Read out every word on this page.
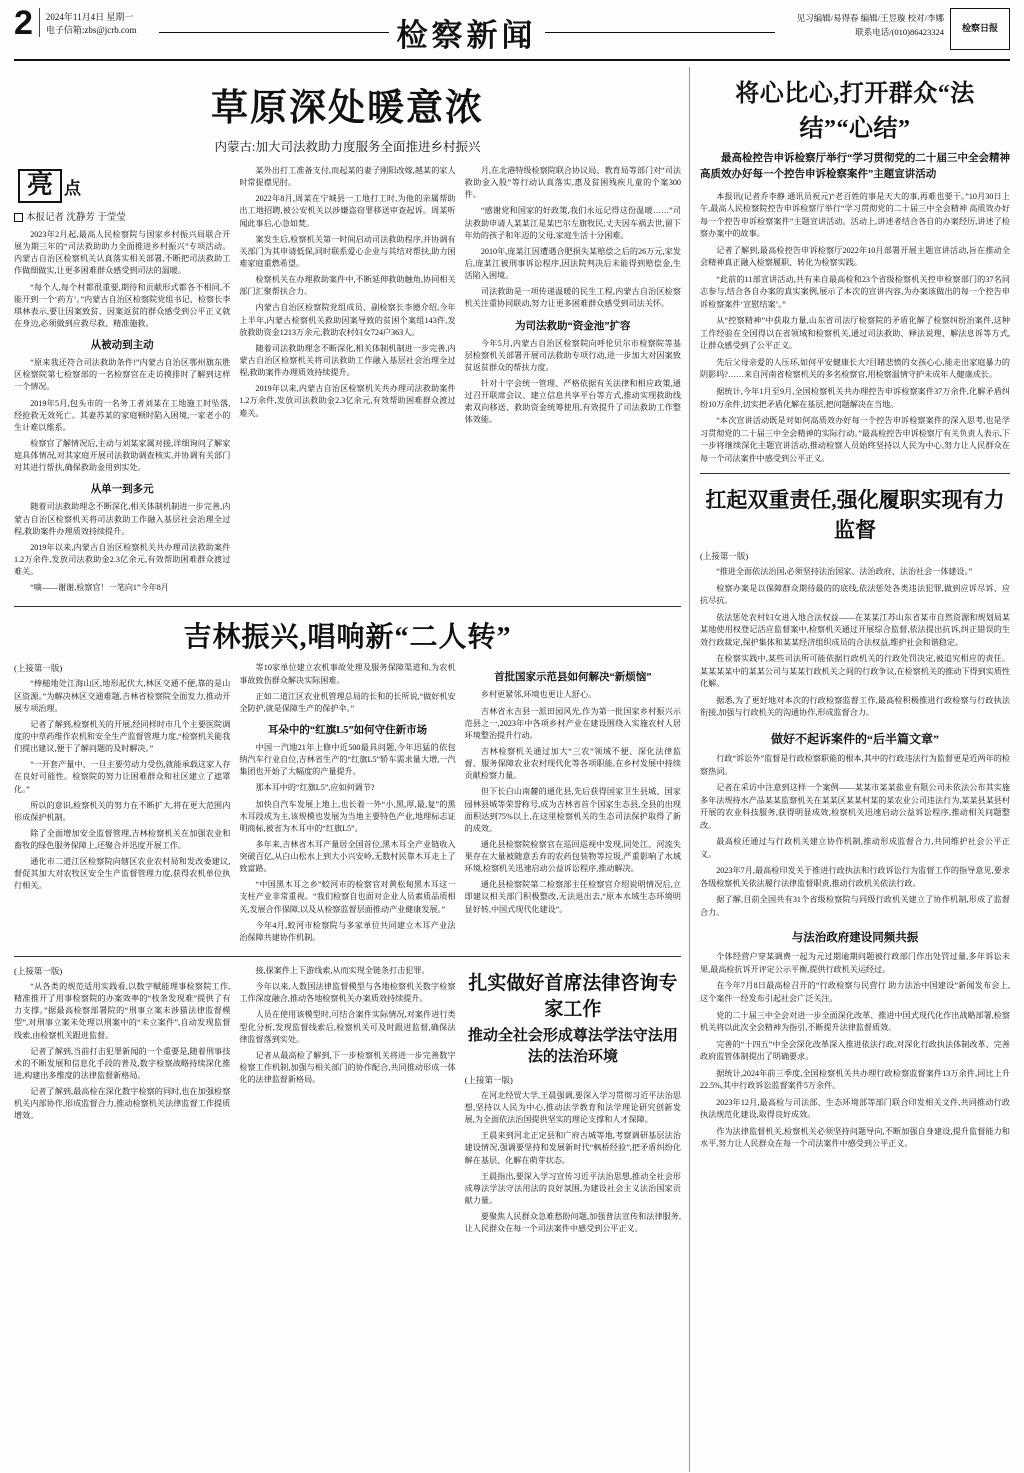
2	2024年11月4日 星期一
电子信箱:zbs@jcrb.com	检察新闻	见习编辑/易得春 编辑/王昱璇 校对/李娜
联系电话/(010)86423324	检察日报
草原深处暖意浓
内蒙古:加大司法救助力度服务全面推进乡村振兴
亮 点
本报记者 沈静芳 于莹莹

2023年2月起,最高人民检察院与国家乡村振兴局联合开展为期三年的“司法救助助力全面推进乡村振兴”专项活动。内蒙古自治区检察机关认真落实相关部署,不断把司法救助工作做细做实,让更多困难群众感受到司法的温暖。

“每个人,每个村都很重要,期待和贡献形式都各不相同,不能开到一个‘药方’。”内蒙古自治区检察院党组书记、检察长李琪林表示,要让因案致贫、因案返贫的群众感受到公平正义就在身边,必须做到应救尽救、精准施救。

从被动到主动

“原来我还符合司法救助条件!”内蒙古自治区鄂州旗东胜区检察院第七检察部的一名检察官在走访摸排时了解到这样一个情况。

2019年5月,包头市的一名务工者刘某在工地施工时坠落,经抢救无效死亡。其妻苏某的家庭顿时陷入困境,一家老小的生计难以维系。

检察官了解情况后,主动与刘某家属对接,详细询问了解家庭具体情况,对其家庭开展司法救助调查核实,并协调有关部门对其进行帮扶,确保救助金用到实处。

从单一到多元

随着司法救助理念不断深化,相关体制机制进一步完善,内蒙古自治区检察机关将司法救助工作融入基层社会治理全过程,救助案件办理质效持续提升。

2019年以来,内蒙古自治区检察机关共办理司法救助案件1.2万余件,发放司法救助金2.3亿余元,有效帮助困难群众渡过难关。

“嘀——谢谢,检察官！一笔向1”今年8月

某外出打工准备支付,而起某的妻子刚阳改嫁,越某的家人时常捉襟见肘。

2022年8月,周某在宁城县一工地打工时,为他的亲属帮助出工地招聘,被公安机关以涉嫌盗窃罪移送审查起诉。周某听闻此事后,心急如焚。

案发生后,检察机关第一时间启动司法救助程序,并协调有关部门为其申请低保,同时联系爱心企业与其结对帮扶,助力困难家庭重燃希望。

检察机关在办理救助案件中,不断延伸救助触角,协同相关部门汇聚帮扶合力。

内蒙古自治区检察院党组成员、副检察长李德介绍,今年上半年,内蒙古检察机关救助因案导致的贫困个案组143件,发放救助资金1213万余元,救助农村妇女724户363人。

随着司法救助理念不断深化,相关体制机制进一步完善,内蒙古自治区检察机关将司法救助工作融入基层社会治理全过程,救助案件办理质效持续提升。

2019年以来,内蒙古自治区检察机关共办理司法救助案件1.2万余件,发放司法救助金2.3亿余元,有效帮助困难群众渡过难关。

月,在北港特级检察院联合协议局、教育局等部门对“司法救助金入股”等行动认真落实,惠及贫困残疾儿童的个案300件。

“感谢党和国家的好政策,我们永远记得这份温暖……”司法救助申请人某某江是某巴尔左旗牧民,丈夫因车祸去世,留下年幼的孩子和年迈的父母,家庭生活十分困难。

2010年,庞某江因遭遇合肥损失某赔偿之后的26万元,家发后,庞某江被刑事诉讼程序,因法院判决后未能得到赔偿金,生活陷入困境。

司法救助是一项传递温暖的民生工程,内蒙古自治区检察机关注重协同联动,努力让更多困难群众感受到司法关怀。

为司法救助“资金池”扩容

今年5月,内蒙古自治区检察院向呼伦贝尔市检察院等基层检察机关部署开展司法救助专项行动,进一步加大对因案致贫返贫群众的帮扶力度。

针对十字会统一管理、严格依据有关法律和相应政策,通过召开联席会议、建立信息共享平台等方式,推动实现救助线索双向移送、救助资金统筹使用,有效提升了司法救助工作整体效能。

吉林振兴,唱响新“二人转”
(上接第一版)

“棒槌地处江海山区,地形起伏大,林区交通不便,靠的是山区资源。”为解决林区交通难题,吉林省检察院全面发力,推动开展专项治理。

记者了解到,检察机关的开展,经同样时市几个主要医院调度的中草药维作农机和安全生产监督管理力度,“检察机关能我们提出建议,便于了解问题的及时解决。”

“一开套产量中、一旦主要劳动力受伤,就能承载这家人存在良好可能性。检察院的努力让困难群众和社区建立了遮罩化。”

所以的意识,检察机关的努力在不断扩大,将在更大范围内形成保护机制。

除了全面增加安全监督管理,吉林检察机关在加强农业和畜牧的绿色服务保障上,还聚合并迅度开展工作。

通化市二道江区检察院向辖区农业农村局和发改委建议,督促其加大对农牧区安全生产监督管理力度,获得农机单位执行相关。

等10家单位建立农机事故处理及服务保障渠道和,为农机事故致伤群众解决实际困难。

正如二道江区农业机管理总局的长和的长所说,“做好机安全防护,就是保障生产的保护伞。”

耳朵中的“红旗L5”如何守住新市场

中国一汽地21年上修中近500最具问题,今年迅猛的依包纳汽车行业自位,吉林省生产的“红旗L5”轿车需求量大增,一汽集团也开始了大幅度的产量提升。

那本耳中的“红旗L5”,应如何调节?

加快自汽车发展上地上,也长着一外“小,黑,厚,最,复”的黑木耳段成为主,该规模也发展为当地主要特色产业,地理标志证明商标,被省为木耳中的“红旗L5”。

多年来,吉林省木耳产量居全国首位,黑木耳全产业链收入突破百亿,从白山松水上到大小兴安岭,无数村民靠木耳走上了致富路。

“中国黑木耳之乡”蛟河市的检察官对黄松甸黑木耳这一支柱产业非常重视。“我们检察自也面对企业人员素质品质相关,发展合作保障,以及从检察监督层面推动产业健康发展。”

今年4月,蛟河市检察院与多家单位共同建立木耳产业法治保障共建协作机制。

首批国家示范县如何解决“新烦恼”

乡村更紧邻,环境也更让人舒心。

吉林省永吉县一派田园风光,作为第一批国家乡村振兴示范县之一,2023年中各项乡村产业在建设围绕入实施农村人居环境整治提升行动。

吉林检察机关通过加大“三农”领域不便、深化法律监督、服务保障农业农村现代化等各项职能,在乡村发展中持续贡献检察力量。

但下长白山南麓的通化县,先后获得国家卫生县城、国家园林县城等荣誉称号,成为吉林省首个国家生态县,全县的出现面积达到75%以上,在这里检察机关的生态司法保护取得了新的成效。

通化县检察院检察官在巡回巡视中发现,同处江、河流失果存在大量被随意丢弃的农药包装物等垃圾,严重影响了水域环境,检察机关迅速启动公益诉讼程序,推动解决。

通化县检察院第二检察部主任检察官介绍说明情况后,立即建议相关部门积极整改,无法退出去,“原本水域生态环境明显好转,中国式现代化建设”。

(上接第一版)

“从各类的规范适用实践看,以数字赋能理事检察院工作,精准推开了用事检察院的办案效率的“枝条发现难”提供了有力支撑。”据最高检察部署院的“刑事立案未涉猫法律监督模型”,对刑事立案未处理以刑案中的“未立案件”,自动发现监督线索,由检察机关跟进监督。

记者了解到,当前打击犯罪新闻的一个重要是,随着刑事技术的不断发展和信息化手段的普及,数字检察战略持续深化推进,构建出多维度的法律监督新格局。

记者了解到,最高检在深化数字检察的同时,也在加强检察机关内部协作,形成监督合力,推动检察机关法律监督工作提质增效。

接,探案件上下游线索,从而实现全链条打击犯罪。

今年以来,人数国法律监督模型与各地检察机关数字检察工作深度融合,推动各地检察机关办案质效持续提升。

人员在使用该模型时,可结合案件实际情况,对案件进行类型化分析,发现监督线索后,检察机关可及时跟进监督,确保法律监督落到实处。

记者从最高检了解到,下一步检察机关将进一步完善数字检察工作机制,加强与相关部门的协作配合,共同推动形成一体化的法律监督新格局。

扎实做好首席法律咨询专家工作
推动全社会形成尊法学法守法用法的法治环境
(上接第一版)

在河北经贸大学,王晨强调,要深入学习贯彻习近平法治思想,坚持以人民为中心,推动法学教育和法学理论研究创新发展,为全面依法治国提供坚实的理论支撑和人才保障。

王晨来到河北正定县和广府古城等地,考察调研基层法治建设情况,强调要坚持和发展新时代“枫桥经验”,把矛盾纠纷化解在基层、化解在萌芽状态。

王晨指出,要深入学习宣传习近平法治思想,推动全社会形成尊法学法守法用法的良好氛围,为建设社会主义法治国家贡献力量。

要聚焦人民群众急难愁盼问题,加强普法宣传和法律服务,让人民群众在每一个司法案件中感受到公平正义。

将心比心,打开群众“法结”“心结”

最高检控告申诉检察厅举行“学习贯彻党的二十届三中全会精神 高质效办好每一个控告申诉检察案件”主题宣讲活动

本报讯(记者乔李静 通讯员祝元)“老百姓的事是天大的事,再难也要干。”10月30日上午,最高人民检察院控告申诉检察厅举行“学习贯彻党的二十届三中全会精神 高质效办好每一个控告申诉检察案件”主题宣讲活动。活动上,讲述者结合各自的办案经历,讲述了检察办案中的故事。

记者了解到,最高检控告申诉检察厅2022年10月部署开展主题宣讲活动,旨在推动全会精神真正融入检察履职、转化为检察实践。

“此前的11部宣讲活动,共有来自最高检和23个省级检察机关控申检察部门的37名同志参与,结合各自办案的真实案例,展示了本次的宣讲内容,为办案该做出的每一个控告申诉检察案件‘宣慰结案’。”

从“控察精神”中获取力量,山东省司法厅检察院的矛盾化解了检察纠纷治案件,这种工作经验在全国得以在省领域和检察机关,通过司法救助、释法说理、解法息诉等方式,让群众感受到了公平正义。

先后父母亲爱的人压环,如何平安健康长大?目睹悲愤的女孩心心,能走出家庭暴力的阴影吗?……来自河南省检察机关的多名检察官,用检察温情守护未成年人健康成长。

据统计,今年1月至9月,全国检察机关共办理控告申诉检察案件37万余件,化解矛盾纠纷10万余件,切实把矛盾化解在基层,把问题解决在当地。

“本次宣讲活动既是对如何高质效办好每一个控告申诉检察案件的深入思考,也是学习贯彻党的二十届三中全会精神的实际行动。”最高检控告申诉检察厅有关负责人表示,下一步将继续深化主题宣讲活动,推动检察人员始终坚持以人民为中心,努力让人民群众在每一个司法案件中感受到公平正义。

扛起双重责任,强化履职实现有力监督
(上接第一版)

“推进全面依法治国,必须坚持法治国家、法治政府、法治社会一体建设。”

检察办案是以保障群众期待最的的底线,依法惩处各类违法犯罪,做到应诉尽诉、应抗尽抗。

依法惩处农村妇女进入地合法权益——在某某江苏山东省某市自然资源和规划局某某地使用权登记活应监督案中,检察机关通过开展综合监督,依法提出抗诉,纠正错误的生效行政裁定,保护集体和某某经济组织成员的合法权益,维护社会和谐稳定。

在检察实践中,某些司法所可能依据行政机关的行政处罚决定,被追究相应的责任。某某某某中的某某公司与某某行政机关之间的行政争议,在检察机关的推动下得到实质性化解。

据悉,为了更好地对本次的行政检察监督工作,最高检积极推进行政检察与行政执法衔接,加强与行政机关的沟通协作,形成监督合力。

做好不起诉案件的“后半篇文章”

行政“诉讼外”监督是行政检察职能的根本,其中的行政违法行为监督更是近两年的检察热词。

记者在采访中注意到这样一个案例——某某市某某盐业有限公司未依法公布其实施多年法规持水产品某某监察机关在某某区某某村某的某农业公司违法行为,某某县某县村开展的农业科技服务,获得明显成效,检察机关迅速启动公益诉讼程序,推动相关问题整改。

最高检还通过与行政机关建立协作机制,推动形成监督合力,共同维护社会公平正义。

2023年7月,最高检印发关于推进行政执法和行政诉讼行为监督工作的指导意见,要求各级检察机关依法履行法律监督职责,推动行政机关依法行政。

据了解,目前全国共有31个省级检察院与同级行政机关建立了协作机制,形成了监督合力。

与法治政府建设同频共振

个体经营户穿某调费一起为元过期逾期问题被行政部门作出处罚过量,多年诉讼未果,最高检抗诉开评定公示平衡,提供行政机关运经过。

在今年7月8日最高检召开的“行政检察与民营行 助力法治中国建设”新闻发布会上,这个案件一经发布引起社会广泛关注。

党的二十届三中全会对进一步全面深化改革、推进中国式现代化作出战略部署,检察机关将以此次全会精神为指引,不断提升法律监督质效。

完善的“十四五”中全会深化改革深入推进依法行政,对深化行政执法体制改革、完善政府监管体制提出了明确要求。

据统计,2024年前三季度,全国检察机关共办理行政检察监督案件13万余件,同比上升22.5%,其中行政诉讼监督案件5万余件。

2023年12月,最高检与司法部、生态环境部等部门联合印发相关文件,共同推动行政执法规范化建设,取得良好成效。

作为法律监督机关,检察机关必须坚持问题导向,不断加强自身建设,提升监督能力和水平,努力让人民群众在每一个司法案件中感受到公平正义。
